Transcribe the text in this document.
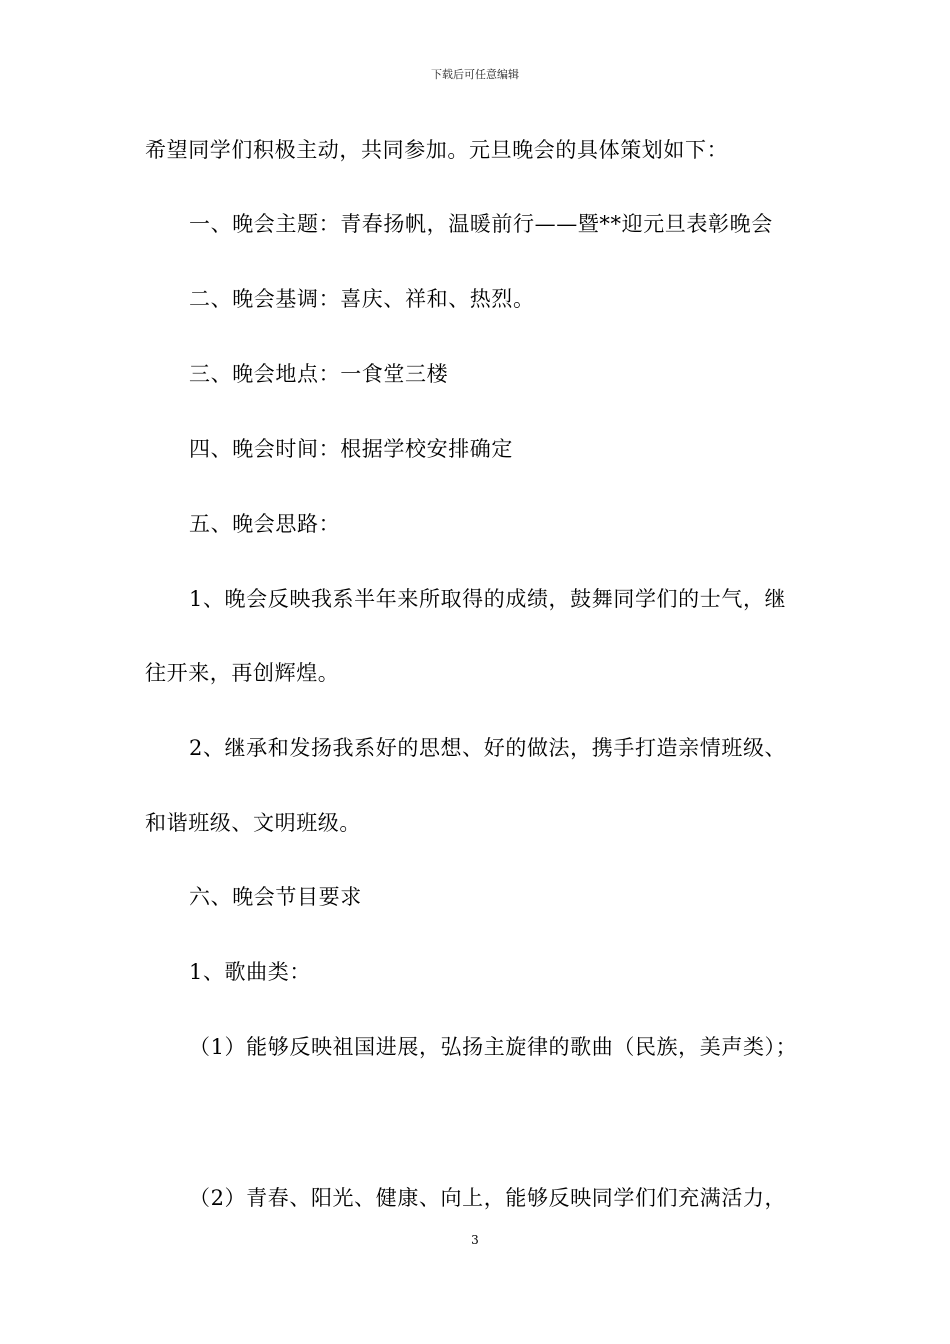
下载后可任意编辑
希望同学们积极主动，共同参加。元旦晚会的具体策划如下：
一、晚会主题：青春扬帆，温暖前行——暨**迎元旦表彰晚会
二、晚会基调：喜庆、祥和、热烈。
三、晚会地点：一食堂三楼
四、晚会时间：根据学校安排确定
五、晚会思路：
1、晚会反映我系半年来所取得的成绩，鼓舞同学们的士气，继
往开来，再创辉煌。
2、继承和发扬我系好的思想、好的做法，携手打造亲情班级、
和谐班级、文明班级。
六、晚会节目要求
1、歌曲类：
（1）能够反映祖国进展，弘扬主旋律的歌曲（民族，美声类）；
（2）青春、阳光、健康、向上，能够反映同学们们充满活力，
3
